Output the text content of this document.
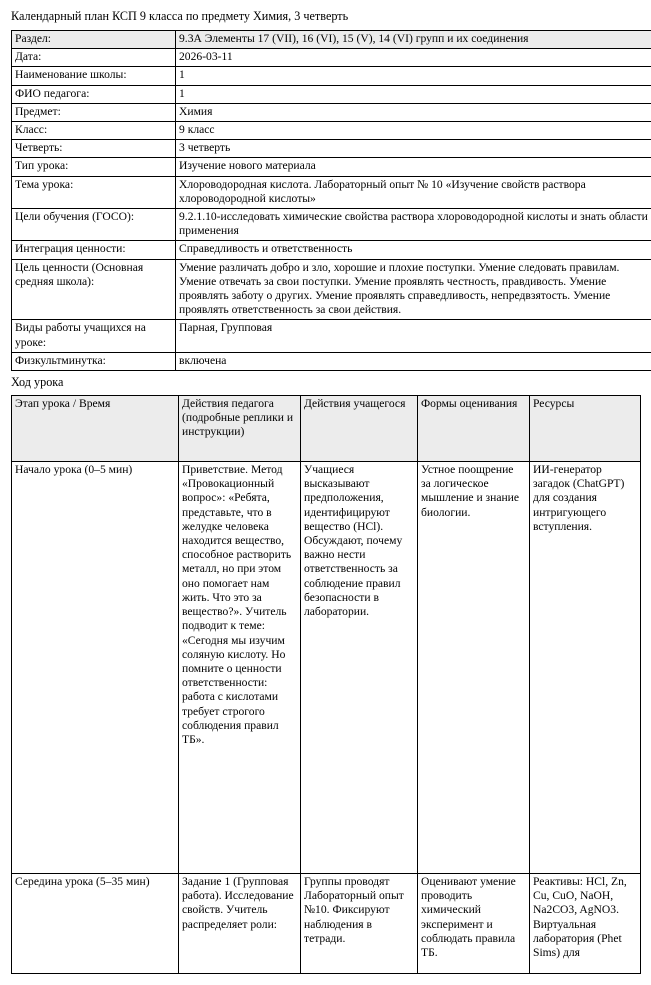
Календарный план КСП 9 класса по предмету Химия, 3 четверть
Раздел:	9.3А Элементы 17 (VII), 16 (VI), 15 (V), 14 (VI) групп и их соединения
Дата:	2026-03-11
Наименование школы:	1
ФИО педагога:	1
Предмет:	Химия
Класс:	9 класс
Четверть:	3 четверть
Тип урока:	Изучение нового материала
Тема урока:	Хлороводородная кислота. Лабораторный опыт № 10 «Изучение свойств раствора хлороводородной кислоты»
Цели обучения (ГОСО):	9.2.1.10-исследовать химические свойства раствора хлороводородной кислоты и знать области применения
Интеграция ценности:	Справедливость и ответственность
Цель ценности (Основная средняя школа):	Умение различать добро и зло, хорошие и плохие поступки. Умение следовать правилам. Умение отвечать за свои поступки. Умение проявлять честность, правдивость. Умение проявлять заботу о других. Умение проявлять справедливость, непредвзятость. Умение проявлять ответственность за свои действия.
Виды работы учащихся на уроке:	Парная, Групповая
Физкультминутка:	включена
Ход урока
Этап урока / Время	Действия педагога (подробные реплики и инструкции)	Действия учащегося	Формы оценивания	Ресурсы
Начало урока (0–5 мин)	Приветствие. Метод «Провокационный вопрос»: «Ребята, представьте, что в желудке человека находится вещество, способное растворить металл, но при этом оно помогает нам жить. Что это за вещество?». Учитель подводит к теме: «Сегодня мы изучим соляную кислоту. Но помните о ценности ответственности: работа с кислотами требует строгого соблюдения правил ТБ».	Учащиеся высказывают предположения, идентифицируют вещество (HCl). Обсуждают, почему важно нести ответственность за соблюдение правил безопасности в лаборатории.	Устное поощрение за логическое мышление и знание биологии.	ИИ-генератор загадок (ChatGPT) для создания интригующего вступления.
Середина урока (5–35 мин)	Задание 1 (Групповая работа). Исследование свойств. Учитель распределяет роли:	Группы проводят Лабораторный опыт №10. Фиксируют наблюдения в тетради.	Оценивают умение проводить химический эксперимент и соблюдать правила ТБ.	Реактивы: HCl, Zn, Cu, CuO, NaOH, Na2CO3, AgNO3. Виртуальная лаборатория (Phet Sims) для
